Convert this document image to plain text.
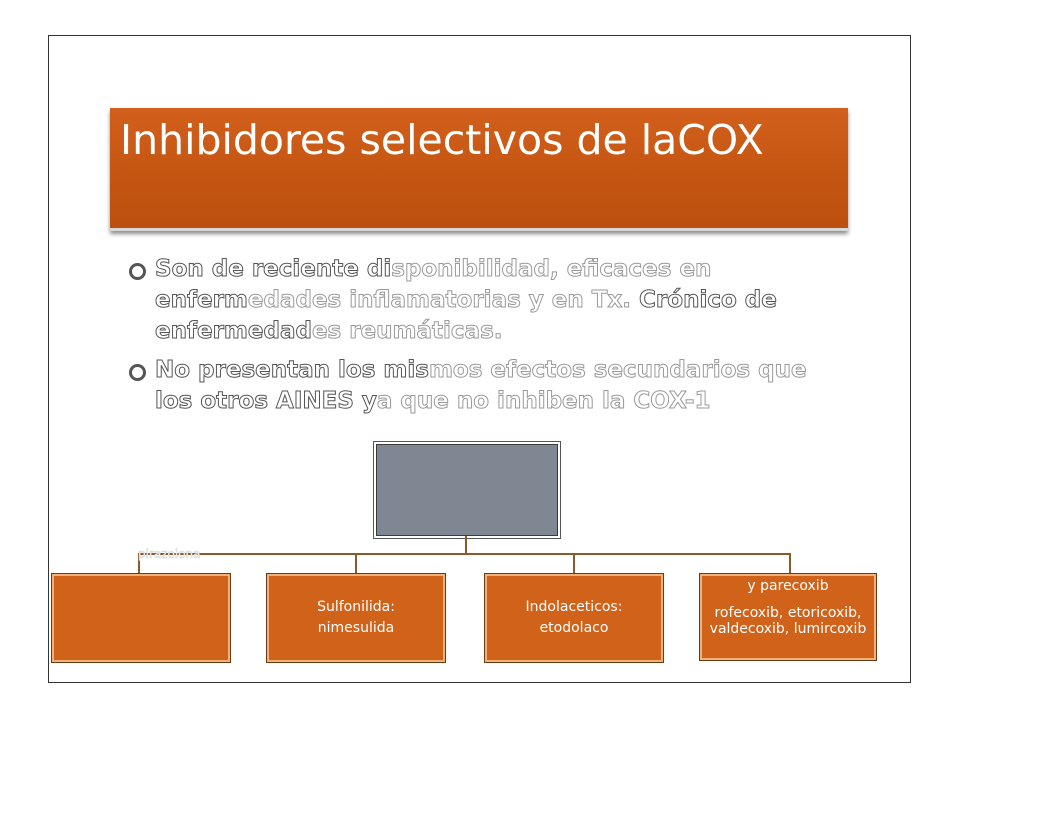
Inhibidores selectivos de laCOX
Son de reciente disponibilidad, eficaces en enfermedades inflamatorias y en Tx. Crónico de enfermedades reumáticas.
No presentan los mismos efectos secundarios que los otros AINES ya que no inhiben la COX-1
pirazolona
Sulfonilida:
nimesulida
Indolaceticos:
etodolaco
y parecoxib
rofecoxib, etoricoxib,
valdecoxib, lumircoxib
